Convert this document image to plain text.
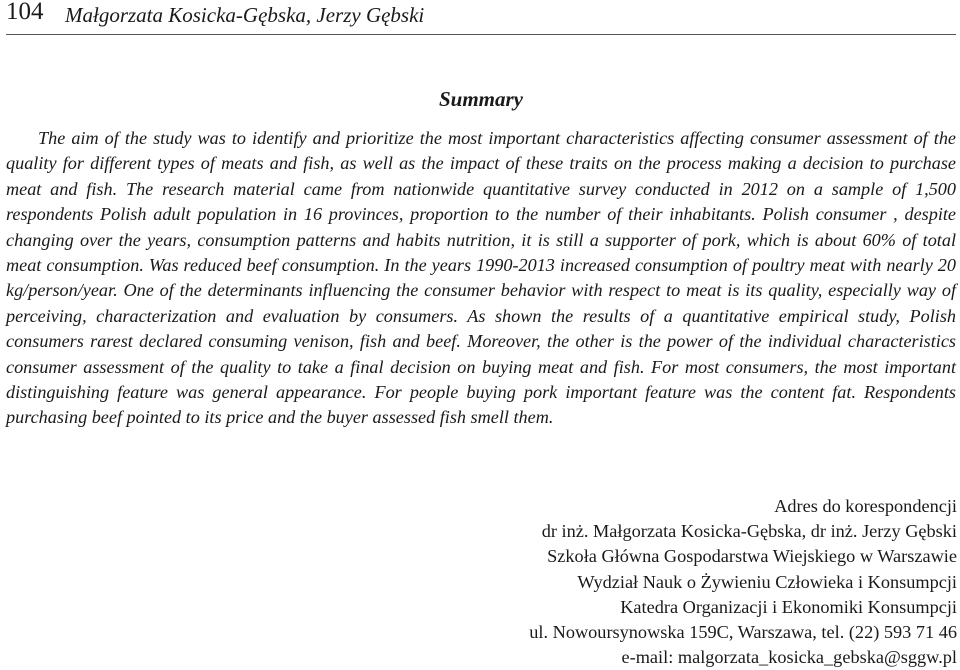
104 Małgorzata Kosicka-Gębska, Jerzy Gębski
Summary

The aim of the study was to identify and prioritize the most important characteristics affecting consumer assessment of the quality for different types of meats and fish, as well as the impact of these traits on the process making a decision to purchase meat and fish. The research material came from nationwide quantitative survey conducted in 2012 on a sample of 1,500 respondents Polish adult population in 16 provinces, proportion to the number of their inhabitants. Polish consumer , despite changing over the years, consumption patterns and habits nutrition, it is still a supporter of pork, which is about 60% of total meat consumption. Was reduced beef consumption. In the years 1990-2013 increased consumption of poultry meat with nearly 20 kg/person/year. One of the determinants influencing the consumer behavior with respect to meat is its quality, especially way of perceiving, characterization and evaluation by consumers. As shown the results of a quantitative empirical study, Polish consumers rarest declared consuming venison, fish and beef. Moreover, the other is the power of the individual characteristics consumer assessment of the quality to take a final decision on buying meat and fish. For most consumers, the most important distinguishing feature was general appearance. For people buying pork important feature was the content fat. Respondents purchasing beef pointed to its price and the buyer assessed fish smell them.

Adres do korespondencji
dr inż. Małgorzata Kosicka-Gębska, dr inż. Jerzy Gębski
Szkoła Główna Gospodarstwa Wiejskiego w Warszawie
Wydział Nauk o Żywieniu Człowieka i Konsumpcji
Katedra Organizacji i Ekonomiki Konsumpcji
ul. Nowoursynowska 159C, Warszawa, tel. (22) 593 71 46
e-mail: malgorzata_kosicka_gebska@sggw.pl
